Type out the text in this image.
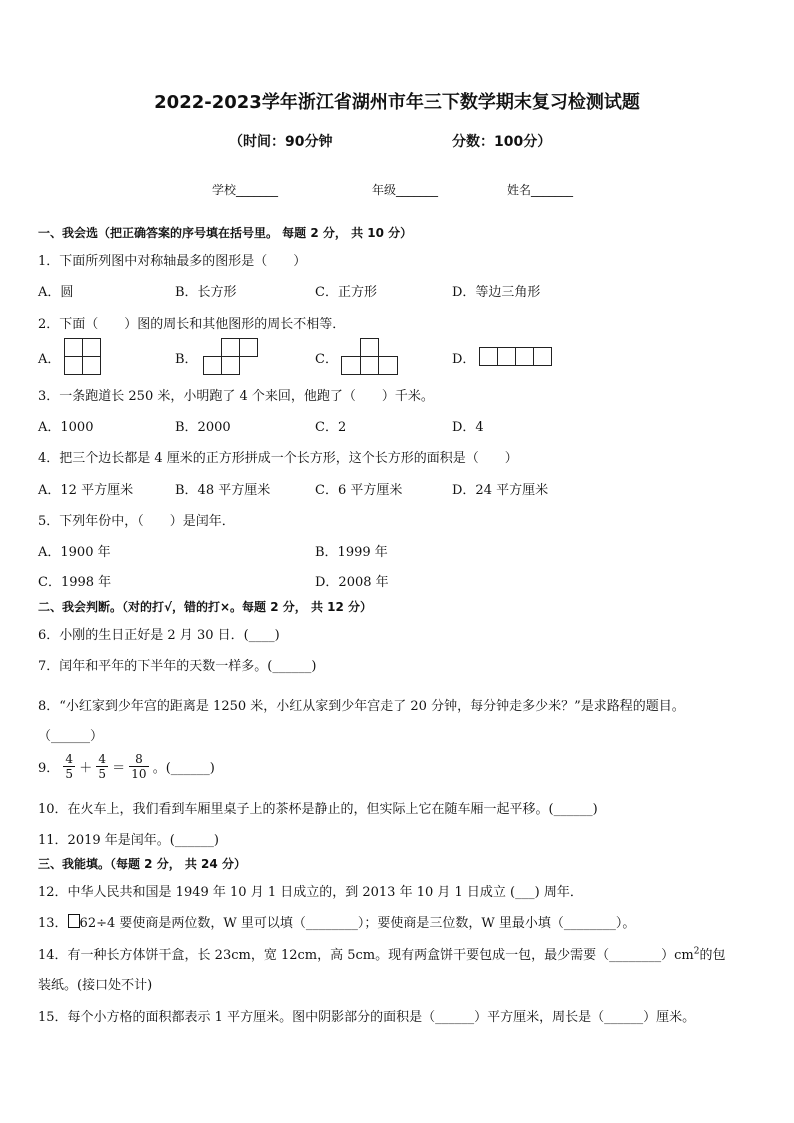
2022-2023学年浙江省湖州市年三下数学期末复习检测试题
（时间：90分钟	分数：100分）
学校_______	年级_______	姓名_______
一、我会选（把正确答案的序号填在括号里。 每题 2 分， 共 10 分）
1．下面所列图中对称轴最多的图形是（　　）
A．圆	B．长方形	C．正方形	D．等边三角形
2．下面（　　）图的周长和其他图形的周长不相等．
A．	B．	C．	D．
3．一条跑道长 250 米，小明跑了 4 个来回，他跑了（　　）千米。
A．1000	B．2000	C．2	D．4
4．把三个边长都是 4 厘米的正方形拼成一个长方形，这个长方形的面积是（　　）
A．12 平方厘米	B．48 平方厘米	C．6 平方厘米	D．24 平方厘米
5．下列年份中，（　　）是闰年．
A．1900 年	B．1999 年
C．1998 年	D．2008 年
二、我会判断。（对的打√，错的打×。每题 2 分， 共 12 分）
6．小刚的生日正好是 2 月 30 日．(____)
7．闰年和平年的下半年的天数一样多。(______)
8．“小红家到少年宫的距离是 1250 米，小红从家到少年宫走了 20 分钟，每分钟走多少米？”是求路程的题目。
（______）
9． $\frac{4}{5} + \frac{4}{5} = \frac{8}{10}$ 。(______)
10．在火车上，我们看到车厢里桌子上的茶杯是静止的，但实际上它在随车厢一起平移。(______)
11．2019 年是闰年。(______)
三、我能填。（每题 2 分， 共 24 分）
12．中华人民共和国是 1949 年 10 月 1 日成立的，到 2013 年 10 月 1 日成立 (___) 周年．
13． 62÷4 要使商是两位数，W 里可以填（________）；要使商是三位数，W 里最小填（________）。
14．有一种长方体饼干盒，长 23cm，宽 12cm，高 5cm。现有两盒饼干要包成一包，最少需要$(\_\_\_\_\_\_\_\_)cm^2$的包
装纸。(接口处不计)
15．每个小方格的面积都表示 1 平方厘米。图中阴影部分的面积是（______）平方厘米，周长是（______）厘米。
